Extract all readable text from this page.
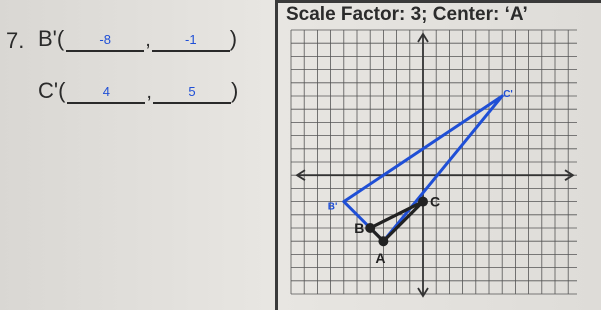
7. B'(	-8	,	-1	)
C'(	4	,	5	)
Scale Factor: 3; Center: ‘A’
A
B
C
B'
C'
